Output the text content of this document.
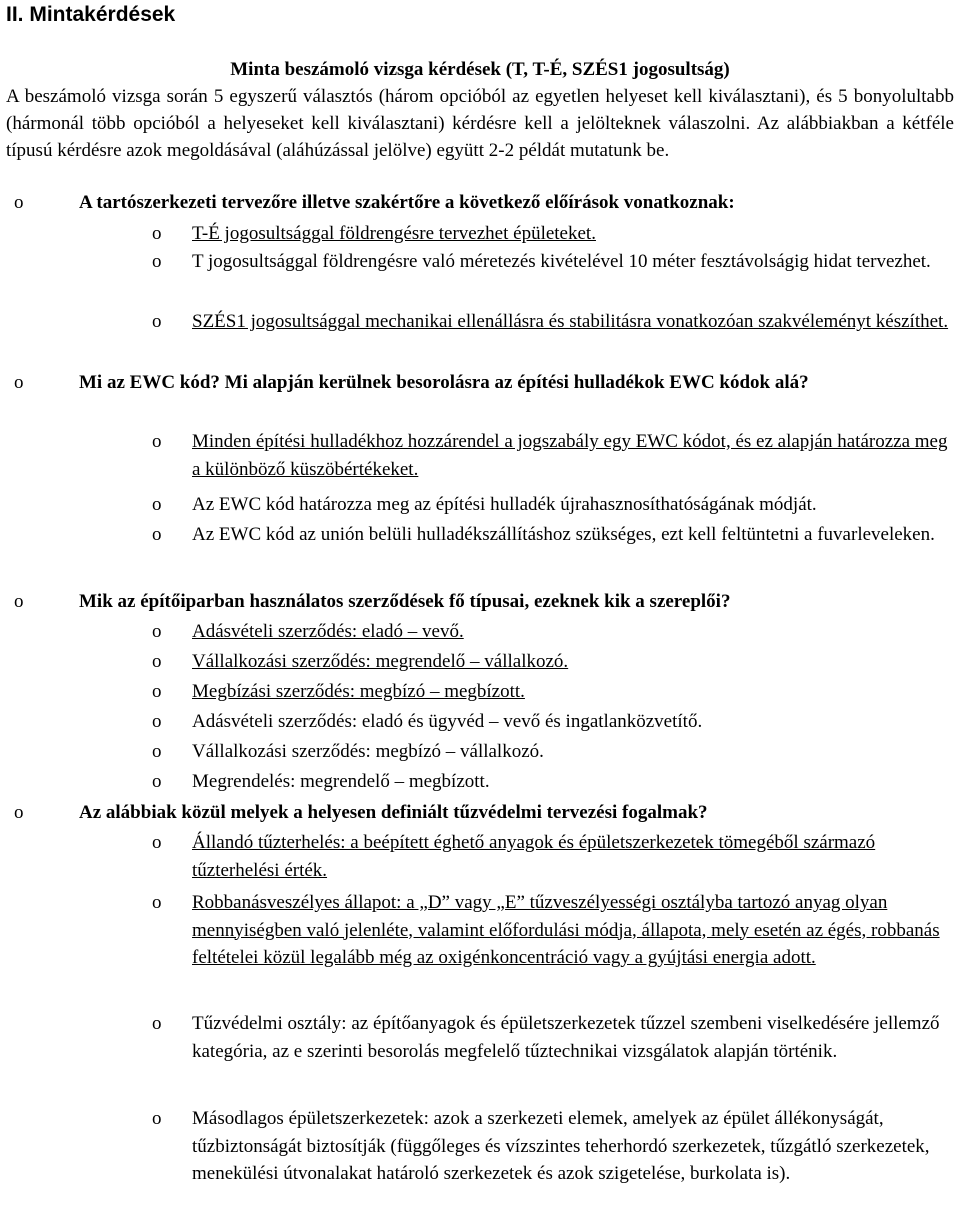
II. Mintakérdések
Minta beszámoló vizsga kérdések (T, T-É, SZÉS1 jogosultság)
A beszámoló vizsga során 5 egyszerű választós (három opcióból az egyetlen helyeset kell kiválasztani), és 5 bonyolultabb (hármonál több opcióból a helyeseket kell kiválasztani) kérdésre kell a jelölteknek válaszolni. Az alábbiakban a kétféle típusú kérdésre azok megoldásával (aláhúzással jelölve) együtt 2-2 példát mutatunk be.
o	A tartószerkezeti tervezőre illetve szakértőre a következő előírások vonatkoznak:
o T-É jogosultsággal földrengésre tervezhet épületeket.
o T jogosultsággal földrengésre való méretezés kivételével 10 méter fesztávolságig hidat tervezhet.
o SZÉS1 jogosultsággal mechanikai ellenállásra és stabilitásra vonatkozóan szakvéleményt készíthet.
o	Mi az EWC kód? Mi alapján kerülnek besorolásra az építési hulladékok EWC kódok alá?
o Minden építési hulladékhoz hozzárendel a jogszabály egy EWC kódot, és ez alapján határozza meg a különböző küszöbértékeket.
o Az EWC kód határozza meg az építési hulladék újrahasznosíthatóságának módját.
o Az EWC kód az unión belüli hulladékszállításhoz szükséges, ezt kell feltüntetni a fuvarleveleken.
o	Mik az építőiparban használatos szerződések fő típusai, ezeknek kik a szereplői?
o Adásvételi szerződés: eladó – vevő.
o Vállalkozási szerződés: megrendelő – vállalkozó.
o Megbízási szerződés: megbízó – megbízott.
o Adásvételi szerződés: eladó és ügyvéd – vevő és ingatlanközvetítő.
o Vállalkozási szerződés: megbízó – vállalkozó.
o Megrendelés: megrendelő – megbízott.
o	Az alábbiak közül melyek a helyesen definiált tűzvédelmi tervezési fogalmak?
o Állandó tűzterhelés: a beépített éghető anyagok és épületszerkezetek tömegéből származó tűzterhelési érték.
o Robbanásveszélyes állapot: a „D” vagy „E” tűzveszélyességi osztályba tartozó anyag olyan mennyiségben való jelenléte, valamint előfordulási módja, állapota, mely esetén az égés, robbanás feltételei közül legalább még az oxigénkoncentráció vagy a gyújtási energia adott.
o Tűzvédelmi osztály: az építőanyagok és épületszerkezetek tűzzel szembeni viselkedésére jellemző kategória, az e szerinti besorolás megfelelő tűztechnikai vizsgálatok alapján történik.
o Másodlagos épületszerkezetek: azok a szerkezeti elemek, amelyek az épület állékonyságát, tűzbiztonságát biztosítják (függőleges és vízszintes teherhordó szerkezetek, tűzgátló szerkezetek, menekülési útvonalakat határoló szerkezetek és azok szigetelése, burkolata is).
